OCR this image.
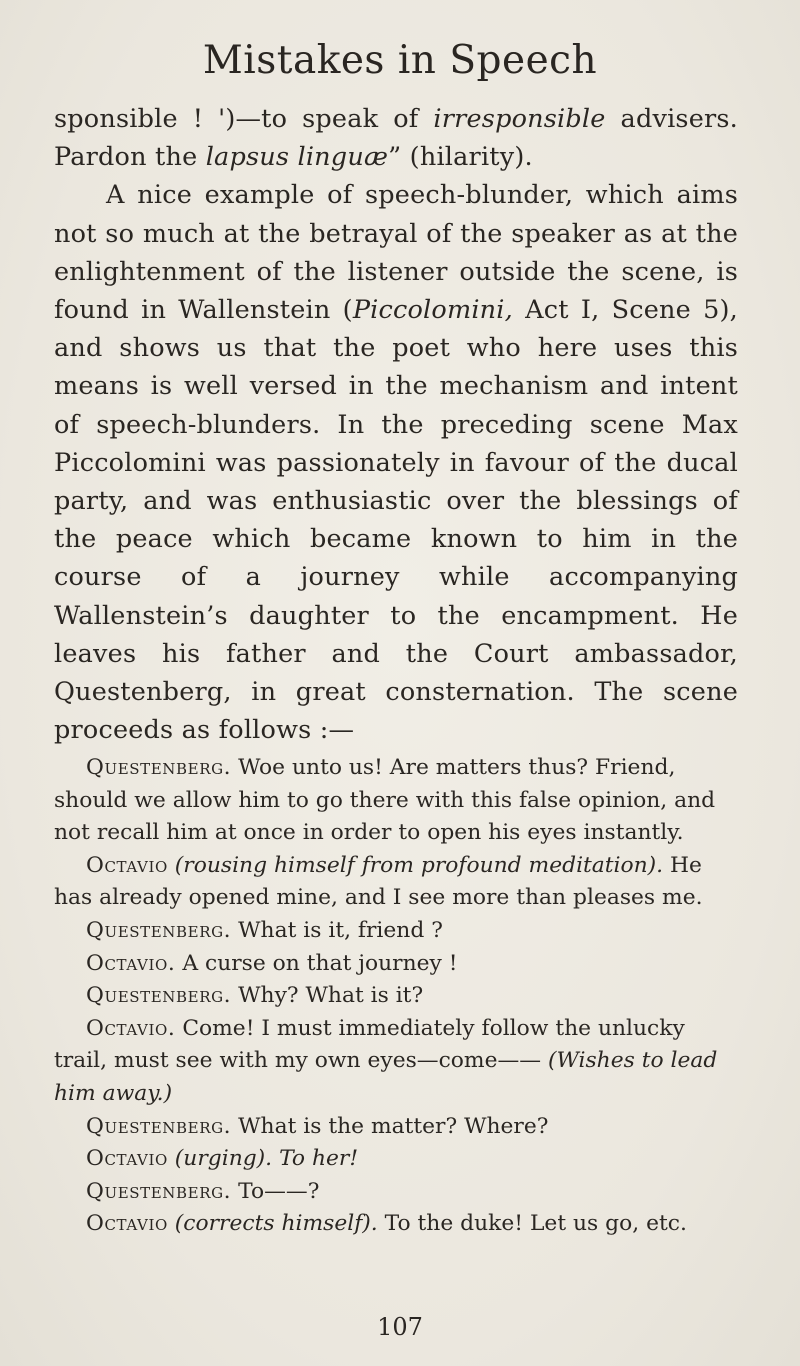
Mistakes in Speech

sponsible ! ')—to speak of irresponsible advisers. Pardon the lapsus linguæ” (hilarity).

A nice example of speech-blunder, which aims not so much at the betrayal of the speaker as at the enlightenment of the listener outside the scene, is found in Wallenstein (Piccolomini, Act I, Scene 5), and shows us that the poet who here uses this means is well versed in the mechanism and intent of speech-blunders. In the preceding scene Max Piccolomini was passionately in favour of the ducal party, and was enthusiastic over the blessings of the peace which became known to him in the course of a journey while accompanying Wallenstein’s daughter to the encampment. He leaves his father and the Court ambassador, Questenberg, in great consternation. The scene proceeds as follows :—

Questenberg. Woe unto us! Are matters thus? Friend, should we allow him to go there with this false opinion, and not recall him at once in order to open his eyes instantly.

Octavio (rousing himself from profound meditation). He has already opened mine, and I see more than pleases me.

Questenberg. What is it, friend ?

Octavio. A curse on that journey !

Questenberg. Why? What is it?

Octavio. Come! I must immediately follow the unlucky trail, must see with my own eyes—come—— (Wishes to lead him away.)

Questenberg. What is the matter? Where?

Octavio (urging). To her!

Questenberg. To——?

Octavio (corrects himself). To the duke! Let us go, etc.

107
